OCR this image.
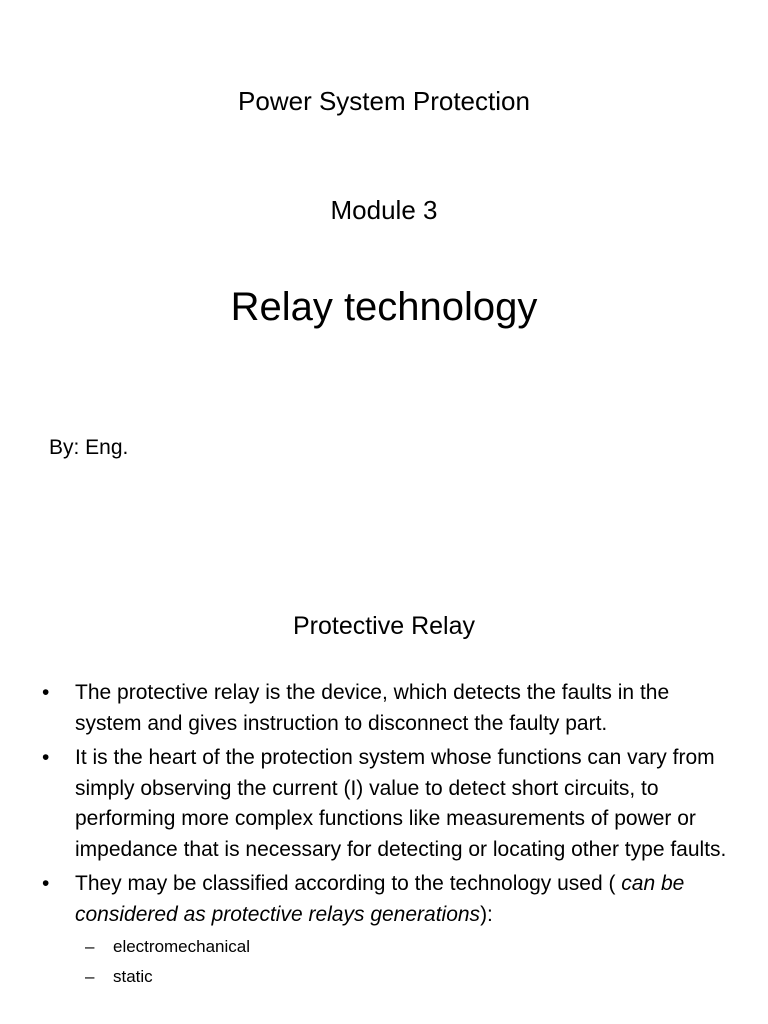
Power System Protection
Module 3
Relay technology
By: Eng.
Protective Relay
• The protective relay is the device, which detects the faults in the system and gives instruction to disconnect the faulty part.
• It is the heart of the protection system whose functions can vary from simply observing the current (I) value to detect short circuits, to performing more complex functions like measurements of power or impedance that is necessary for detecting or locating other type faults.
• They may be classified according to the technology used ( can be considered as protective relays generations):
– electromechanical
– static
